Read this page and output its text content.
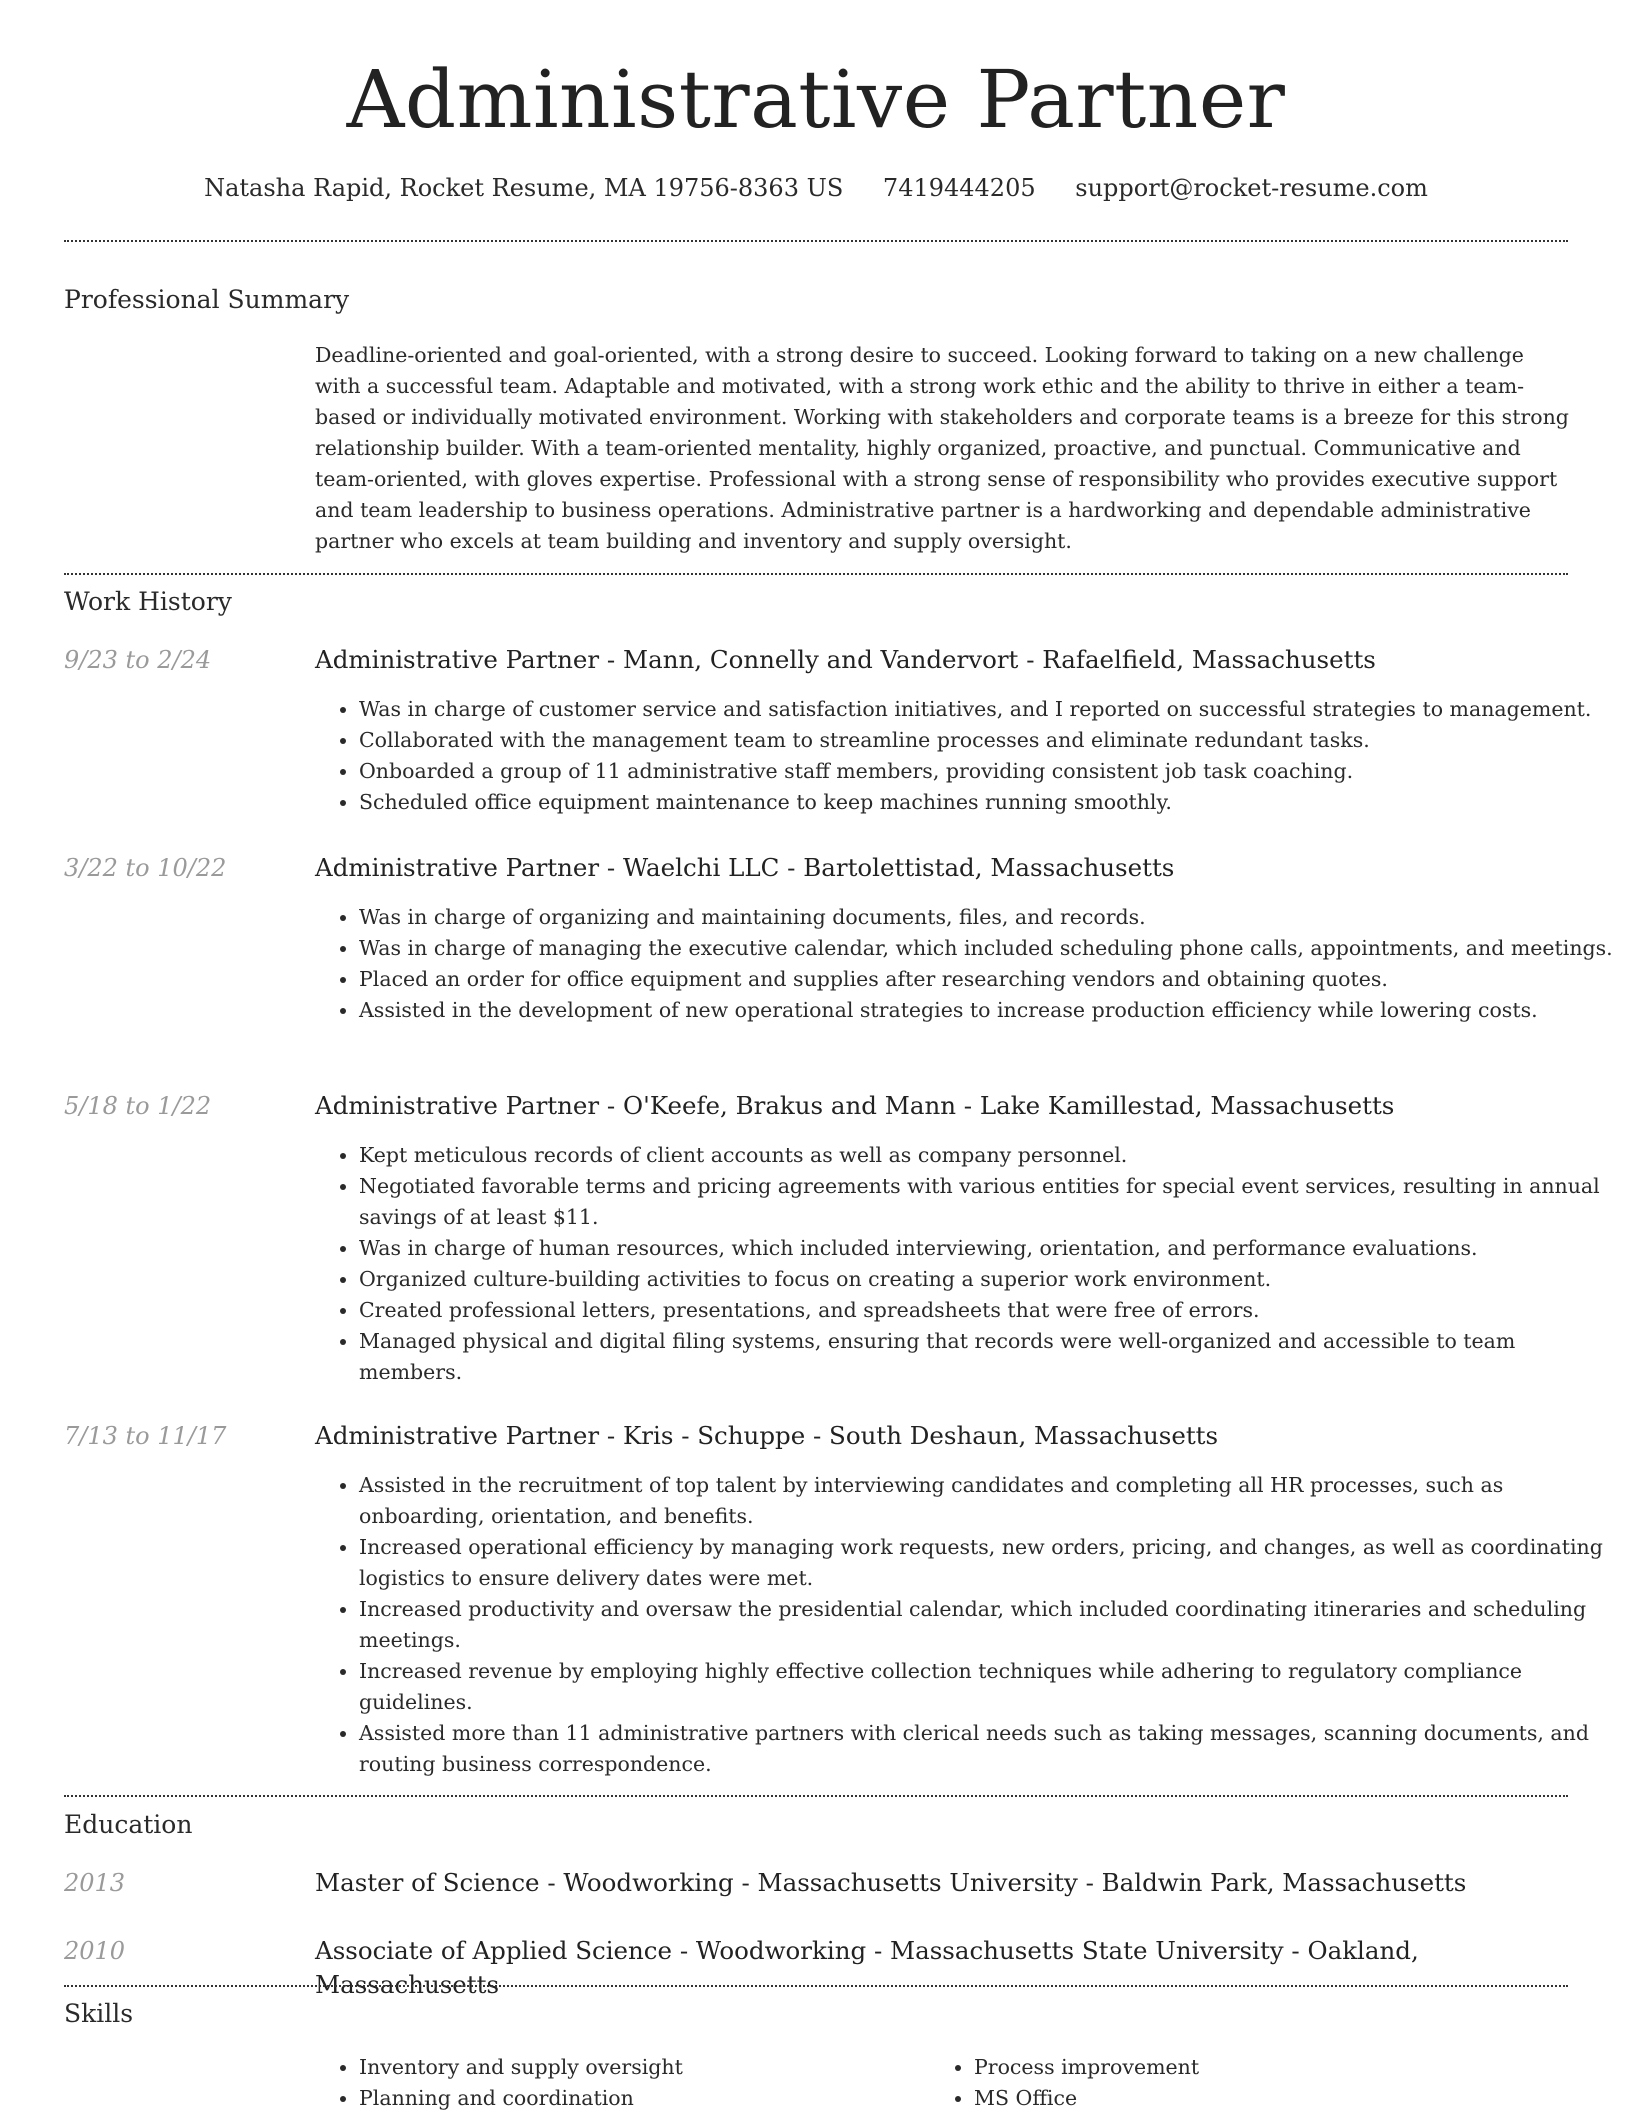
Administrative Partner
Natasha Rapid, Rocket Resume, MA 19756-8363 US 7419444205 support@rocket-resume.com
Professional Summary

Deadline-oriented and goal-oriented, with a strong desire to succeed. Looking forward to taking on a new challenge with a successful team. Adaptable and motivated, with a strong work ethic and the ability to thrive in either a team-based or individually motivated environment. Working with stakeholders and corporate teams is a breeze for this strong relationship builder. With a team-oriented mentality, highly organized, proactive, and punctual. Communicative and team-oriented, with gloves expertise. Professional with a strong sense of responsibility who provides executive support and team leadership to business operations. Administrative partner is a hardworking and dependable administrative partner who excels at team building and inventory and supply oversight.

Work History
9/23 to 2/24	Administrative Partner - Mann, Connelly and Vandervort - Rafaelfield, Massachusetts
• Was in charge of customer service and satisfaction initiatives, and I reported on successful strategies to management.
• Collaborated with the management team to streamline processes and eliminate redundant tasks.
• Onboarded a group of 11 administrative staff members, providing consistent job task coaching.
• Scheduled office equipment maintenance to keep machines running smoothly.
3/22 to 10/22	Administrative Partner - Waelchi LLC - Bartolettistad, Massachusetts
• Was in charge of organizing and maintaining documents, files, and records.
• Was in charge of managing the executive calendar, which included scheduling phone calls, appointments, and meetings.
• Placed an order for office equipment and supplies after researching vendors and obtaining quotes.
• Assisted in the development of new operational strategies to increase production efficiency while lowering costs.
5/18 to 1/22	Administrative Partner - O'Keefe, Brakus and Mann - Lake Kamillestad, Massachusetts
• Kept meticulous records of client accounts as well as company personnel.
• Negotiated favorable terms and pricing agreements with various entities for special event services, resulting in annual savings of at least $11.
• Was in charge of human resources, which included interviewing, orientation, and performance evaluations.
• Organized culture-building activities to focus on creating a superior work environment.
• Created professional letters, presentations, and spreadsheets that were free of errors.
• Managed physical and digital filing systems, ensuring that records were well-organized and accessible to team members.
7/13 to 11/17	Administrative Partner - Kris - Schuppe - South Deshaun, Massachusetts
• Assisted in the recruitment of top talent by interviewing candidates and completing all HR processes, such as onboarding, orientation, and benefits.
• Increased operational efficiency by managing work requests, new orders, pricing, and changes, as well as coordinating logistics to ensure delivery dates were met.
• Increased productivity and oversaw the presidential calendar, which included coordinating itineraries and scheduling meetings.
• Increased revenue by employing highly effective collection techniques while adhering to regulatory compliance guidelines.
• Assisted more than 11 administrative partners with clerical needs such as taking messages, scanning documents, and routing business correspondence.
Education
2013	Master of Science - Woodworking - Massachusetts University - Baldwin Park, Massachusetts
2010	Associate of Applied Science - Woodworking - Massachusetts State University - Oakland, Massachusetts
Skills
• Inventory and supply oversight
• Planning and coordination
• Process improvement
• MS Office
